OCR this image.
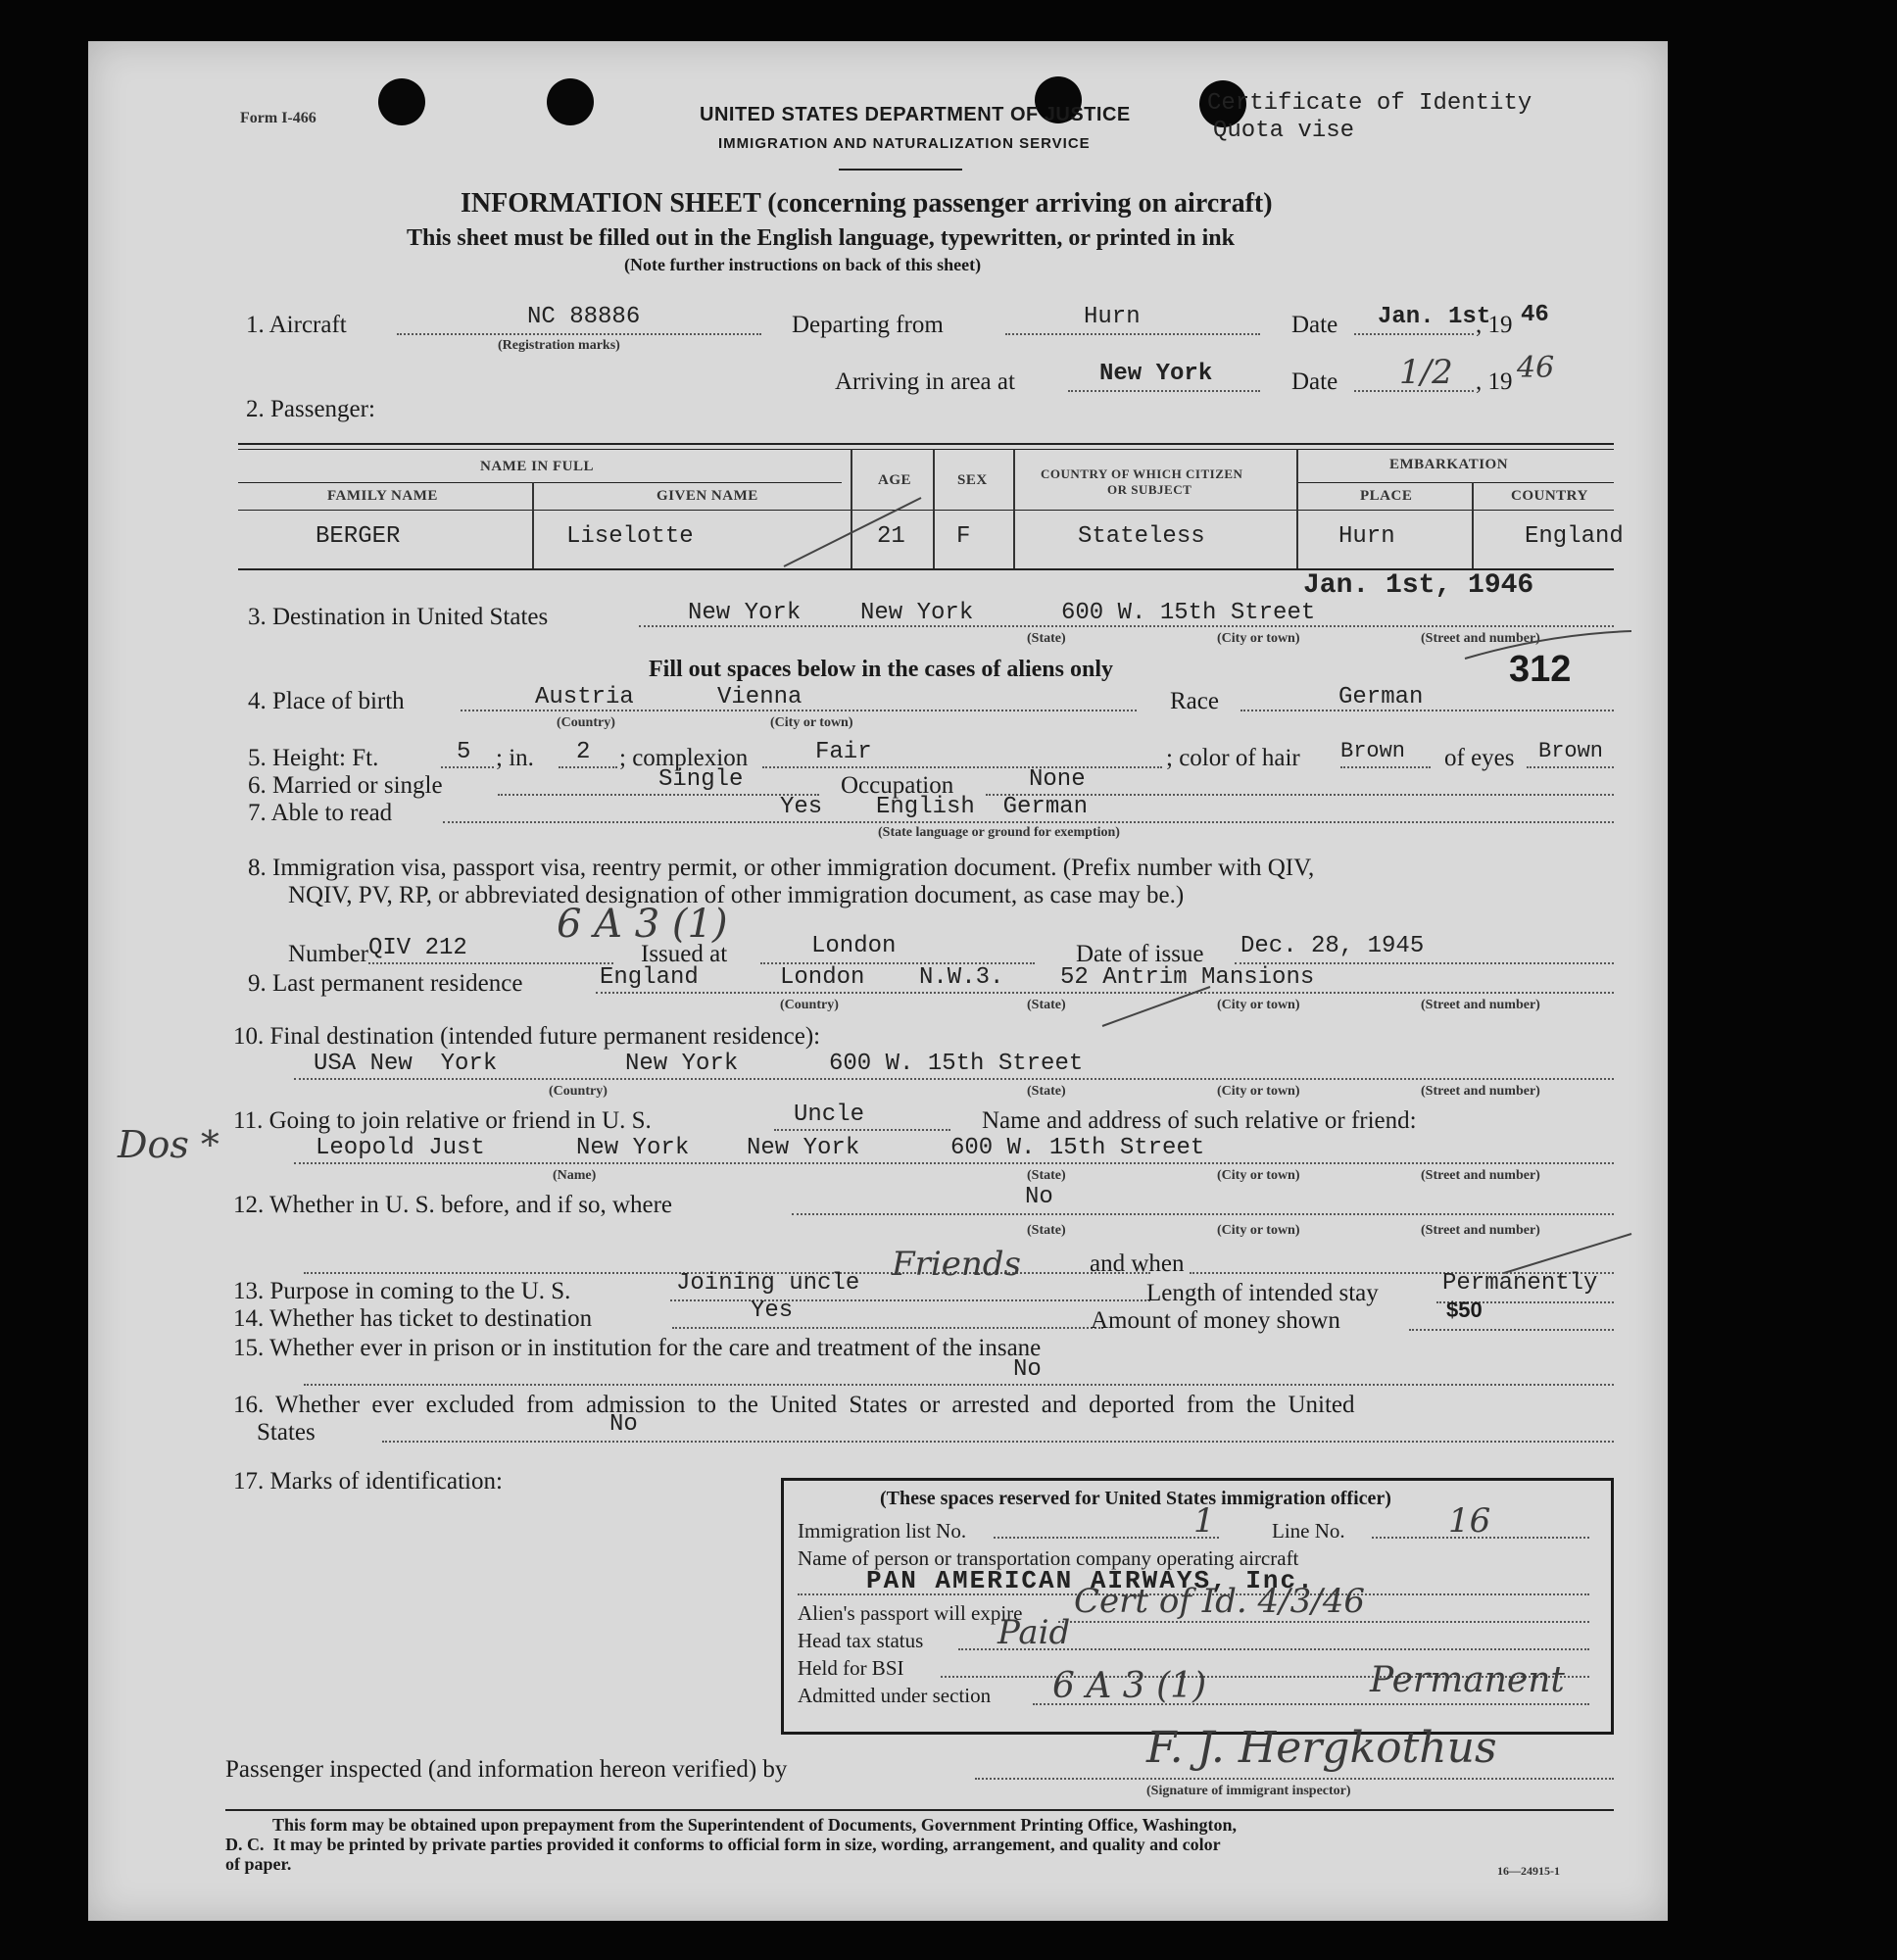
Form I-466	UNITED STATES DEPARTMENT OF JUSTICE
IMMIGRATION AND NATURALIZATION SERVICE
Certificate of Identity
Quota vise
INFORMATION SHEET (concerning passenger arriving on aircraft)
This sheet must be filled out in the English language, typewritten, or printed in ink
(Note further instructions on back of this sheet)
1. Aircraft	NC 88886
(Registration marks)
Departing from	Hurn	Date Jan. 1st
, 19 46
Arriving in area at	New York	Date 1/2 , 19 46
2. Passenger:
NAME IN FULL
FAMILY NAME	GIVEN NAME
AGE	SEX	COUNTRY OF WHICH CITIZEN
OR SUBJECT
EMBARKATION
PLACE	COUNTRY
BERGER	Liselotte	21 F	Stateless	Hurn	England
Jan. 1st, 1946
3. Destination in United States	New York	New York	600 W. 15th Street
(State)	(City or town)	(Street and number)
Fill out spaces below in the cases of aliens only	312
4. Place of birth	Austria	Vienna
(Country)	(City or town)
Race	German
5. Height: Ft.	5 ; in. 2 ; complexion	Fair	; color of hair Brown of eyes Brown
6. Married or single	Single	Occupation	None
7. Able to read	Yes English  German
(State language or ground for exemption)
8. Immigration visa, passport visa, reentry permit, or other immigration document. (Prefix number with QIV,
NQIV, PV, RP, or abbreviated designation of other immigration document, as case may be.)
6 A 3 (1)
Number QIV 212	Issued at	London	Date of issue Dec. 28, 1945
9. Last permanent residence	England	London N.W.3. 52 Antrim Mansions
(Country)	(State)	(City or town)	(Street and number)
10. Final destination (intended future permanent residence):
USA New  York	New York	600 W. 15th Street
(Country)	(State)	(City or town)	(Street and number)
Dos *
11. Going to join relative or friend in U. S.	Uncle	Name and address of such relative or friend:
Leopold Just	New York New York	600 W. 15th Street
(Name)	(State)	(City or town)	(Street and number)
12. Whether in U. S. before, and if so, where	No
(State)	(City or town)	(Street and number)
Friends	and when
13. Purpose in coming to the U. S.	Joining uncle	Length of intended stay	Permanently
14. Whether has ticket to destination	Yes	Amount of money shown	$50
15. Whether ever in prison or in institution for the care and treatment of the insane
No
16. Whether ever excluded from admission to the United States or arrested and deported from the United
States	No
17. Marks of identification:
(These spaces reserved for United States immigration officer)
Immigration list No.	1	Line No.	16
Name of person or transportation company operating aircraft
PAN AMERICAN AIRWAYS, Inc.
Alien's passport will expire Cert of Id. 4/3/46
Head tax status Paid
Held for BSI
Admitted under section 6 A 3 (1)	Permanent
Passenger inspected (and information hereon verified) by	F. J. Hergkothus
(Signature of immigrant inspector)
This form may be obtained upon prepayment from the Superintendent of Documents, Government Printing Office, Washington,
D. C.  It may be printed by private parties provided it conforms to official form in size, wording, arrangement, and quality and color
of paper.	16—24915-1
